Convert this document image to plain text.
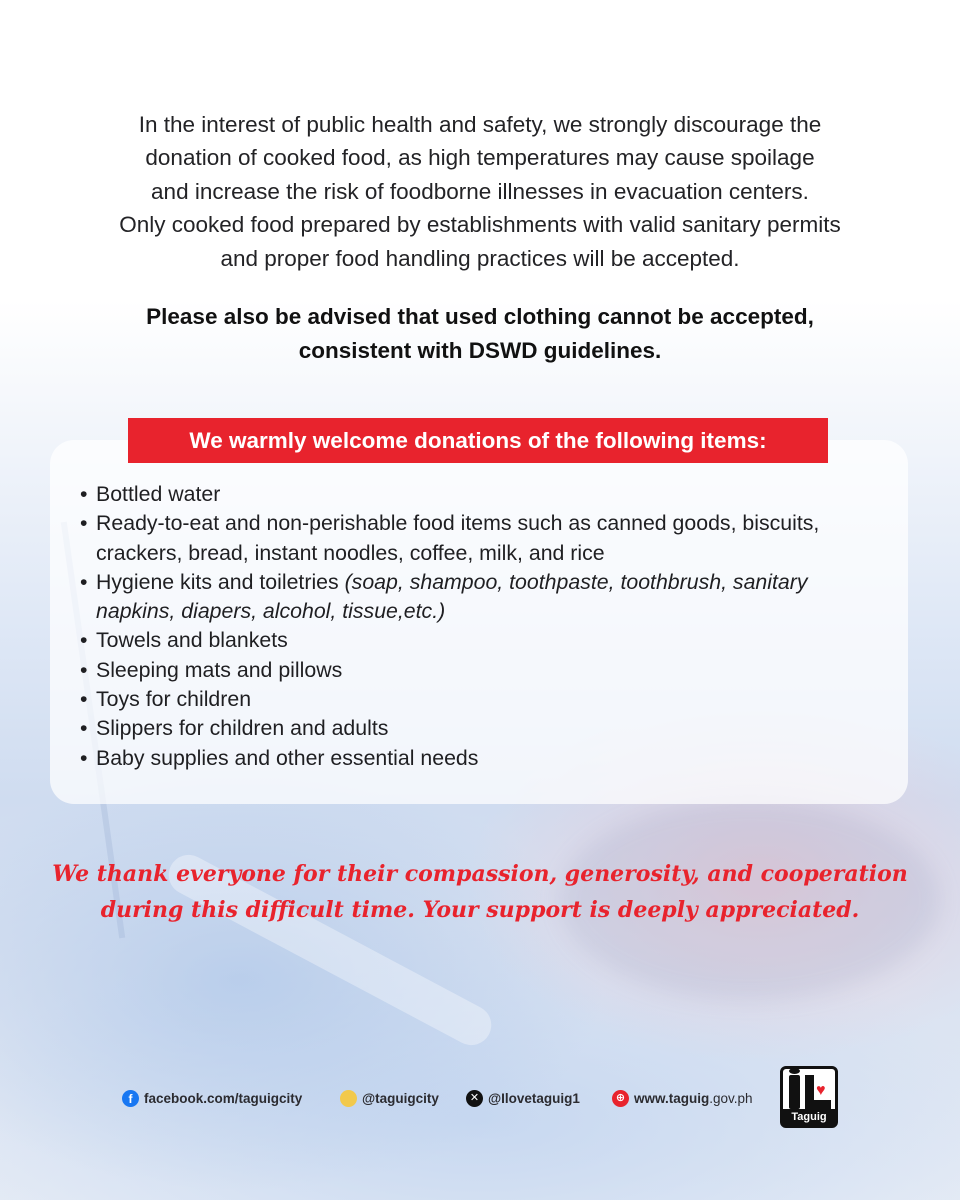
In the interest of public health and safety, we strongly discourage the

donation of cooked food, as high temperatures may cause spoilage

and increase the risk of foodborne illnesses in evacuation centers.

Only cooked food prepared by establishments with valid sanitary permits

and proper food handling practices will be accepted.

Please also be advised that used clothing cannot be accepted,

consistent with DSWD guidelines.

We warmly welcome donations of the following items:
• Bottled water
• Ready-to-eat and non-perishable food items such as canned goods, biscuits,
crackers, bread, instant noodles, coffee, milk, and rice
• Hygiene kits and toiletries (soap, shampoo, toothpaste, toothbrush, sanitary
napkins, diapers, alcohol, tissue,etc.)
• Towels and blankets
• Sleeping mats and pillows
• Toys for children
• Slippers for children and adults
• Baby supplies and other essential needs

We thank everyone for their compassion, generosity, and cooperation

during this difficult time. Your support is deeply appreciated.

f facebook.com/taguigcity	@ @taguigcity	✕ @Ilovetaguig1	⊕ www.taguig.gov.ph	♥
Taguig
